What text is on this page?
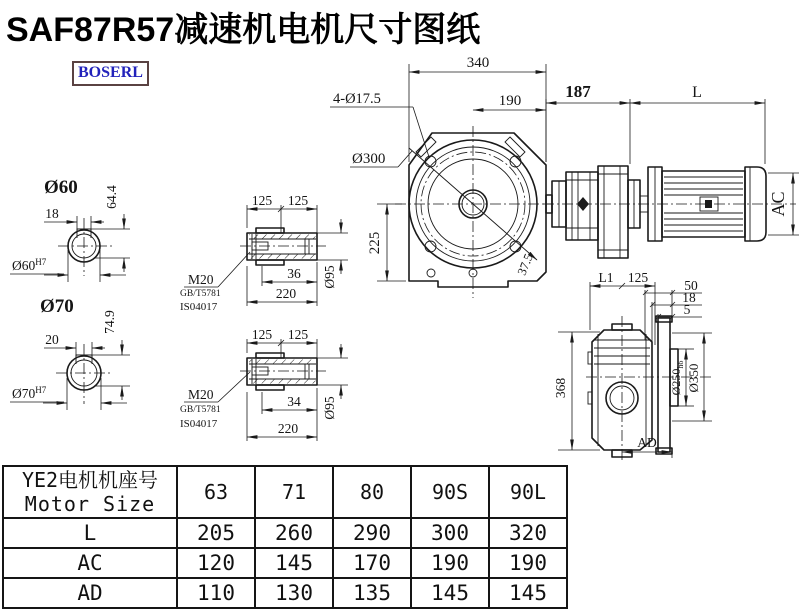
SAF87R57减速机电机尺寸图纸
BOSERL
Ø60
18
64.4
$Ø60^{H7}$
Ø70
20
74.9
$Ø70^{H7}$
125 125
36
220
Ø95
M20
GB/T5781
IS04017
125 125
34
220
Ø95
M20
GB/T5781
IS04017
340
190
4-Ø17.5
Ø300
225
37.5
187	L
AC
L1 125
50
18
5
368	$Ø250_{h6}$ Ø350
AD
YE2电机机座号
Motor Size	63	71	80	90S	90L
L	205	260	290	300	320
AC	120	145	170	190	190
AD	110	130	135	145	145
